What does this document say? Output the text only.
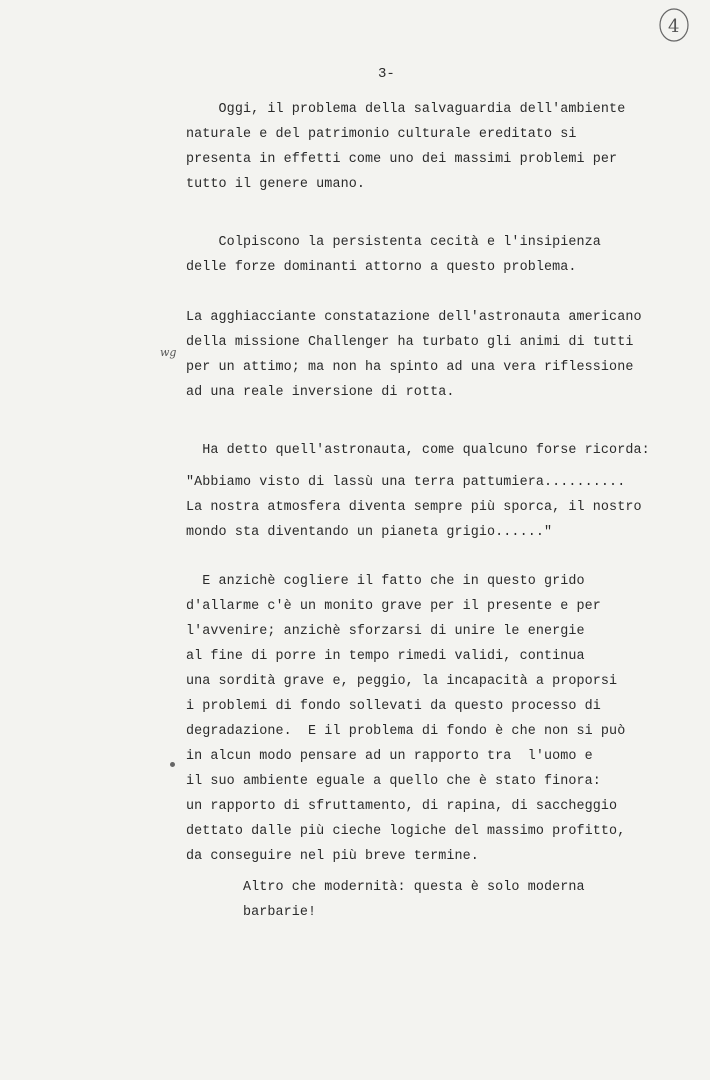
4
3-
wg
Oggi, il problema della salvaguardia dell'ambiente
naturale e del patrimonio culturale ereditato si
presenta in effetti come uno dei massimi problemi per
tutto il genere umano.
Colpiscono la persistenta cecità e l'insipienza
delle forze dominanti attorno a questo problema.
La agghiacciante constatazione dell'astronauta americano
della missione Challenger ha turbato gli animi di tutti
per un attimo; ma non ha spinto ad una vera riflessione
ad una reale inversione di rotta.
Ha detto quell'astronauta, come qualcuno forse ricorda:
"Abbiamo visto di lassù una terra pattumiera..........
La nostra atmosfera diventa sempre più sporca, il nostro
mondo sta diventando un pianeta grigio......"
E anzichè cogliere il fatto che in questo grido
d'allarme c'è un monito grave per il presente e per
l'avvenire; anzichè sforzarsi di unire le energie
al fine di porre in tempo rimedi validi, continua
una sordità grave e, peggio, la incapacità a proporsi
i problemi di fondo sollevati da questo processo di
degradazione.  E il problema di fondo è che non si può
in alcun modo pensare ad un rapporto tra  l'uomo e
il suo ambiente eguale a quello che è stato finora:
un rapporto di sfruttamento, di rapina, di saccheggio
dettato dalle più cieche logiche del massimo profitto,
da conseguire nel più breve termine.
Altro che modernità: questa è solo moderna
barbarie!
